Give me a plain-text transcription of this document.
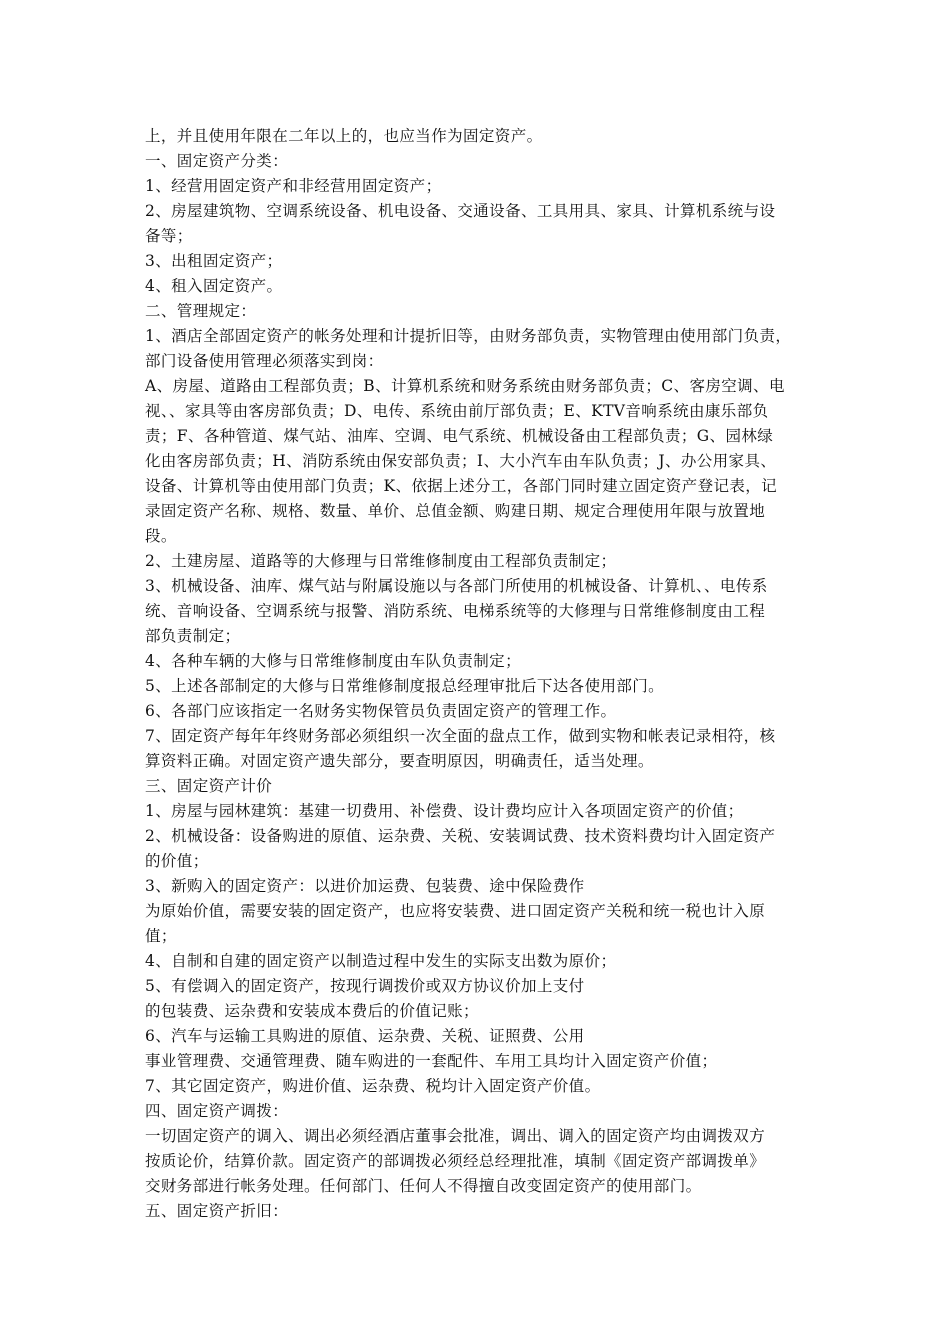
上，并且使用年限在二年以上的，也应当作为固定资产。
一、固定资产分类：
1、经营用固定资产和非经营用固定资产；
2、房屋建筑物、空调系统设备、机电设备、交通设备、工具用具、家具、计算机系统与设
备等；
3、出租固定资产；
4、租入固定资产。
二、管理规定：
1、酒店全部固定资产的帐务处理和计提折旧等，由财务部负责，实物管理由使用部门负责，
部门设备使用管理必须落实到岗：
A、房屋、道路由工程部负责；B、计算机系统和财务系统由财务部负责；C、客房空调、电
视、、家具等由客房部负责；D、电传、系统由前厅部负责；E、KTV音响系统由康乐部负
责；F、各种管道、煤气站、油库、空调、电气系统、机械设备由工程部负责；G、园林绿
化由客房部负责；H、消防系统由保安部负责；I、大小汽车由车队负责；J、办公用家具、
设备、计算机等由使用部门负责；K、依据上述分工，各部门同时建立固定资产登记表，记
录固定资产名称、规格、数量、单价、总值金额、购建日期、规定合理使用年限与放置地
段。
2、土建房屋、道路等的大修理与日常维修制度由工程部负责制定；
3、机械设备、油库、煤气站与附属设施以与各部门所使用的机械设备、计算机、、电传系
统、音响设备、空调系统与报警、消防系统、电梯系统等的大修理与日常维修制度由工程
部负责制定；
4、各种车辆的大修与日常维修制度由车队负责制定；
5、上述各部制定的大修与日常维修制度报总经理审批后下达各使用部门。
6、各部门应该指定一名财务实物保管员负责固定资产的管理工作。
7、固定资产每年年终财务部必须组织一次全面的盘点工作，做到实物和帐表记录相符，核
算资料正确。对固定资产遗失部分，要查明原因，明确责任，适当处理。
三、固定资产计价
1、房屋与园林建筑：基建一切费用、补偿费、设计费均应计入各项固定资产的价值；
2、机械设备：设备购进的原值、运杂费、关税、安装调试费、技术资料费均计入固定资产
的价值；
3、新购入的固定资产：以进价加运费、包装费、途中保险费作
为原始价值，需要安装的固定资产，也应将安装费、进口固定资产关税和统一税也计入原
值；
4、自制和自建的固定资产以制造过程中发生的实际支出数为原价；
5、有偿调入的固定资产，按现行调拨价或双方协议价加上支付
的包装费、运杂费和安装成本费后的价值记账；
6、汽车与运输工具购进的原值、运杂费、关税、证照费、公用
事业管理费、交通管理费、随车购进的一套配件、车用工具均计入固定资产价值；
7、其它固定资产，购进价值、运杂费、税均计入固定资产价值。
四、固定资产调拨：
一切固定资产的调入、调出必须经酒店董事会批准，调出、调入的固定资产均由调拨双方
按质论价，结算价款。固定资产的部调拨必须经总经理批准，填制《固定资产部调拨单》
交财务部进行帐务处理。任何部门、任何人不得擅自改变固定资产的使用部门。
五、固定资产折旧：
